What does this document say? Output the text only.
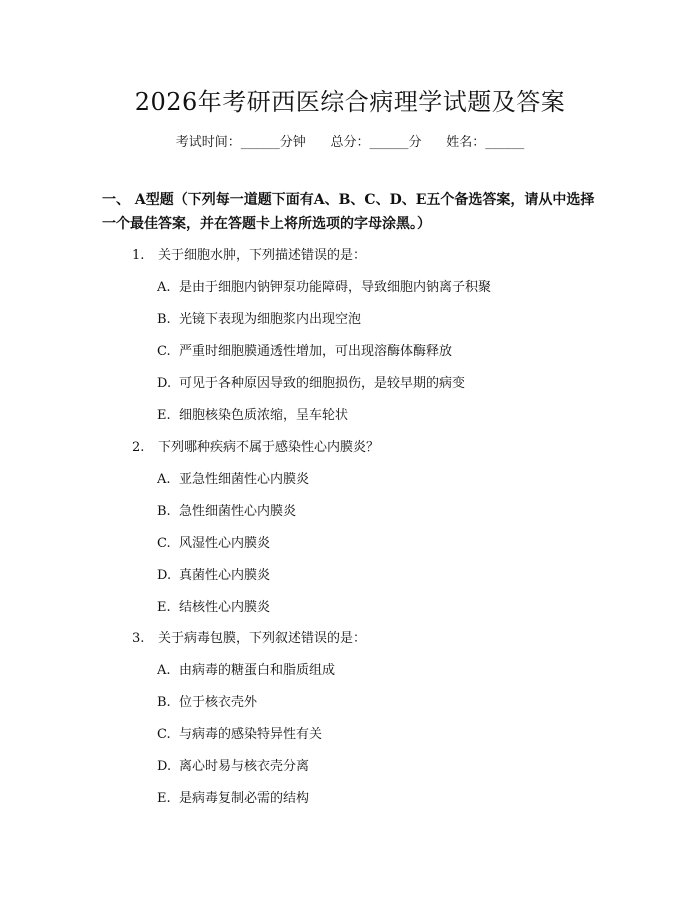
2026年考研西医综合病理学试题及答案
考试时间：______分钟      总分：______分      姓名：______
一、 A型题（下列每一道题下面有A、B、C、D、E五个备选答案，请从中选择一个最佳答案，并在答题卡上将所选项的字母涂黑。）
1. 关于细胞水肿，下列描述错误的是：
A. 是由于细胞内钠钾泵功能障碍，导致细胞内钠离子积聚
B. 光镜下表现为细胞浆内出现空泡
C. 严重时细胞膜通透性增加，可出现溶酶体酶释放
D. 可见于各种原因导致的细胞损伤，是较早期的病变
E. 细胞核染色质浓缩，呈车轮状
2. 下列哪种疾病不属于感染性心内膜炎？
A. 亚急性细菌性心内膜炎
B. 急性细菌性心内膜炎
C. 风湿性心内膜炎
D. 真菌性心内膜炎
E. 结核性心内膜炎
3. 关于病毒包膜，下列叙述错误的是：
A. 由病毒的糖蛋白和脂质组成
B. 位于核衣壳外
C. 与病毒的感染特异性有关
D. 离心时易与核衣壳分离
E. 是病毒复制必需的结构
